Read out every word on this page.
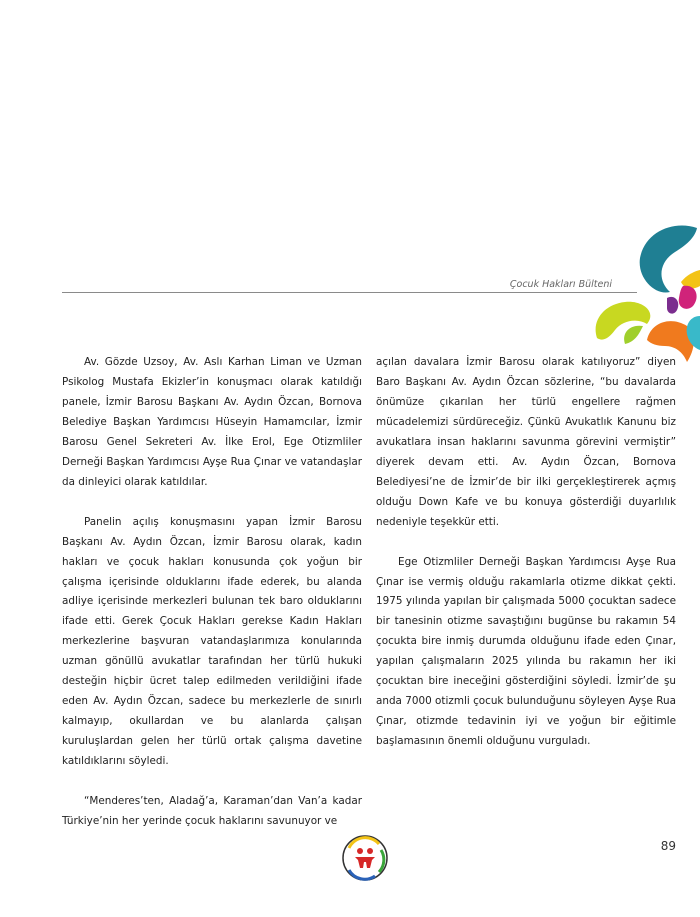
Çocuk Hakları Bülteni

Av. Gözde Uzsoy, Av. Aslı Karhan Liman ve Uzman Psikolog Mustafa Ekizler’in konuşmacı olarak katıldığı panele, İzmir Barosu Başkanı Av. Aydın Özcan, Bornova Belediye Başkan Yardımcısı Hüseyin Hamamcılar, İzmir Barosu Genel Sekreteri Av. İlke Erol, Ege Otizmliler Derneği Başkan Yardımcısı Ayşe Rua Çınar ve vatandaşlar da dinleyici olarak katıldılar.

Panelin açılış konuşmasını yapan İzmir Barosu Başkanı Av. Aydın Özcan, İzmir Barosu olarak, kadın hakları ve çocuk hakları konusunda çok yoğun bir çalışma içerisinde olduklarını ifade ederek, bu alanda adliye içerisinde merkezleri bulunan tek baro olduklarını ifade etti. Gerek Çocuk Hakları gerekse Kadın Hakları merkezlerine başvuran vatandaşlarımıza konularında uzman gönüllü avukatlar tarafından her türlü hukuki desteğin hiçbir ücret talep edilmeden verildiğini ifade eden Av. Aydın Özcan, sadece bu merkezlerle de sınırlı kalmayıp, okullardan ve bu alanlarda çalışan kuruluşlardan gelen her türlü ortak çalışma davetine katıldıklarını söyledi.

“Menderes’ten, Aladağ’a, Karaman’dan Van’a kadar Türkiye’nin her yerinde çocuk haklarını savunuyor ve

açılan davalara İzmir Barosu olarak katılıyoruz” diyen Baro Başkanı Av. Aydın Özcan sözlerine, “bu davalarda önümüze çıkarılan her türlü engellere rağmen mücadelemizi sürdüreceğiz. Çünkü Avukatlık Kanunu biz avukatlara insan haklarını savunma görevini vermiştir” diyerek devam etti. Av. Aydın Özcan, Bornova Belediyesi’ne de İzmir’de bir ilki gerçekleştirerek açmış olduğu Down Kafe ve bu konuya gösterdiği duyarlılık nedeniyle teşekkür etti.

Ege Otizmliler Derneği Başkan Yardımcısı Ayşe Rua Çınar ise vermiş olduğu rakamlarla otizme dikkat çekti. 1975 yılında yapılan bir çalışmada 5000 çocuktan sadece bir tanesinin otizme savaştığını bugünse bu rakamın 54 çocukta bire inmiş durumda olduğunu ifade eden Çınar, yapılan çalışmaların 2025 yılında bu rakamın her iki çocuktan bire ineceğini gösterdiğini söyledi. İzmir’de şu anda 7000 otizmli çocuk bulunduğunu söyleyen Ayşe Rua Çınar, otizmde tedavinin iyi ve yoğun bir eğitimle başlamasının önemli olduğunu vurguladı.

89
